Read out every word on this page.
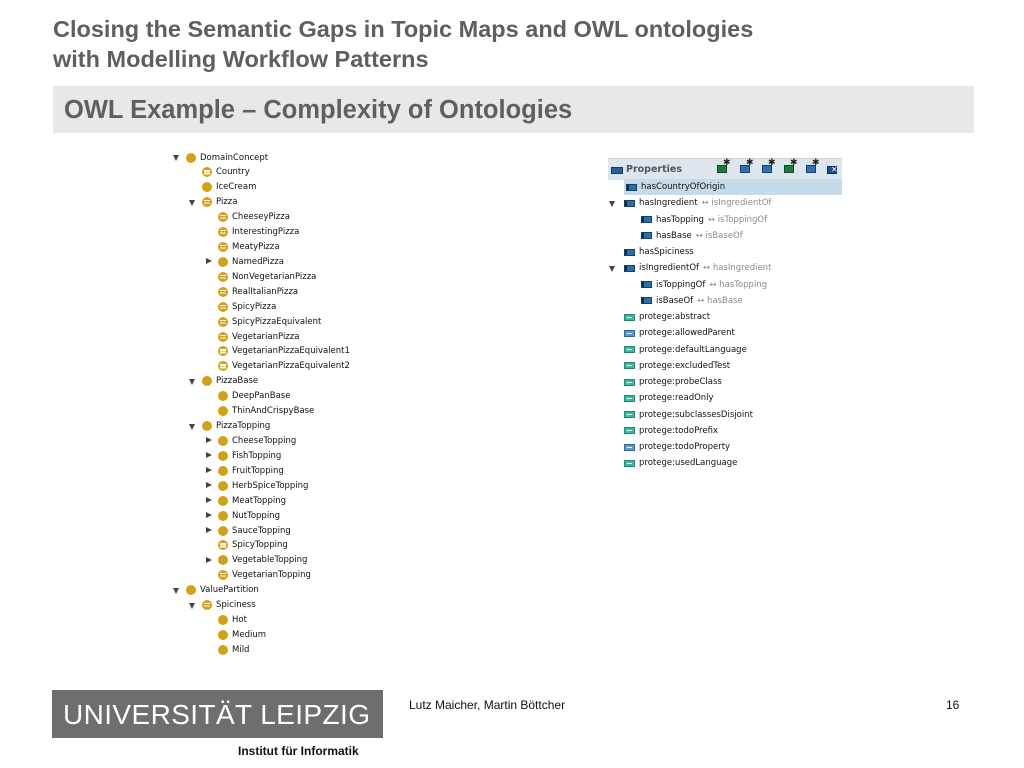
Closing the Semantic Gaps in Topic Maps and OWL ontologies
with Modelling Workflow Patterns
OWL Example – Complexity of Ontologies
DomainConcept
Country
IceCream
Pizza
CheeseyPizza
InterestingPizza
MeatyPizza
NamedPizza
NonVegetarianPizza
RealItalianPizza
SpicyPizza
SpicyPizzaEquivalent
VegetarianPizza
VegetarianPizzaEquivalent1
VegetarianPizzaEquivalent2
PizzaBase
DeepPanBase
ThinAndCrispyBase
PizzaTopping
CheeseTopping
FishTopping
FruitTopping
HerbSpiceTopping
MeatTopping
NutTopping
SauceTopping
SpicyTopping
VegetableTopping
VegetarianTopping
ValuePartition
Spiciness
Hot
Medium
Mild
Properties
✱ ✱ ✱ ✱ ✱
✕
hasCountryOfOrigin
hasIngredient ↔ isIngredientOf
hasTopping ↔ isToppingOf
hasBase ↔ isBaseOf
hasSpiciness
isIngredientOf ↔ hasIngredient
isToppingOf ↔ hasTopping
isBaseOf ↔ hasBase
protege:abstract
protege:allowedParent
protege:defaultLanguage
protege:excludedTest
protege:probeClass
protege:readOnly
protege:subclassesDisjoint
protege:todoPrefix
protege:todoProperty
protege:usedLanguage
UNIVERSITÄT LEIPZIG
Institut für Informatik
Lutz Maicher, Martin Böttcher	16
